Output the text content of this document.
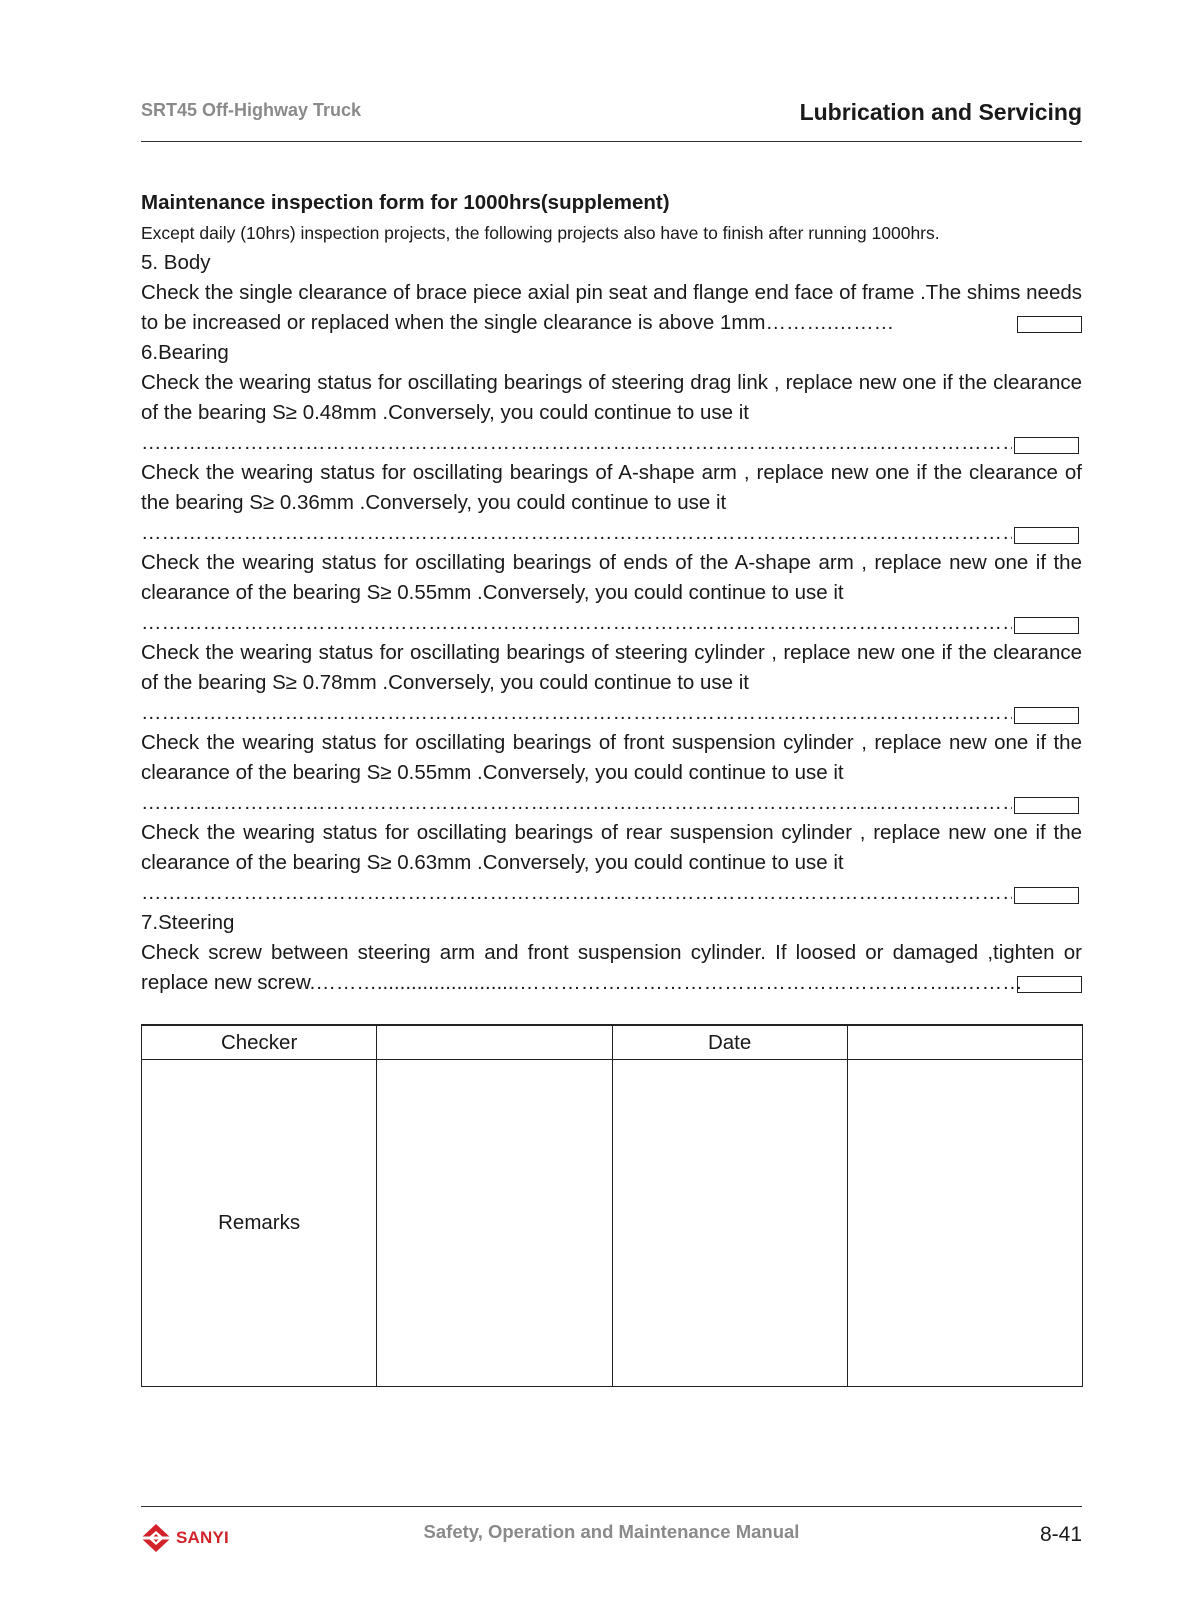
SRT45 Off-Highway Truck	Lubrication and Servicing
Maintenance inspection form for 1000hrs(supplement)
Except daily (10hrs) inspection projects, the following projects also have to finish after running 1000hrs.
5. Body
Check the single clearance of brace piece axial pin seat and flange end face of frame .The shims needs to be increased or replaced when the single clearance is above 1mm……….………
6.Bearing
Check the wearing status for oscillating bearings of steering drag link , replace new one if the clearance of the bearing S≥ 0.48mm .Conversely, you could continue to use it
…………………………………………………………………………………………………………………………………………………………………
Check the wearing status for oscillating bearings of A-shape arm , replace new one if the clearance of the bearing S≥ 0.36mm .Conversely, you could continue to use it
…………………………………………………………………………………………………………………………………………………………………
Check the wearing status for oscillating bearings of ends of the A-shape arm , replace new one if the clearance of the bearing S≥ 0.55mm .Conversely, you could continue to use it
…………………………………………………………………………………………………………………………………………………………………
Check the wearing status for oscillating bearings of steering cylinder , replace new one if the clearance of the bearing S≥ 0.78mm .Conversely, you could continue to use it
…………………………………………………………………………………………………………………………………………………………………
Check the wearing status for oscillating bearings of front suspension cylinder , replace new one if the clearance of the bearing S≥ 0.55mm .Conversely, you could continue to use it
…………………………………………………………………………………………………………………………………………………………………
Check the wearing status for oscillating bearings of rear suspension cylinder , replace new one if the clearance of the bearing S≥ 0.63mm .Conversely, you could continue to use it
…………………………………………………………………………………………………………………………………………………………………
7.Steering
Check screw between steering arm and front suspension cylinder. If loosed or damaged ,tighten or replace new screw.……….........................………………………………………………………..………
Checker		Date	
Remarks			
SANYI	Safety, Operation and Maintenance Manual	8-41
